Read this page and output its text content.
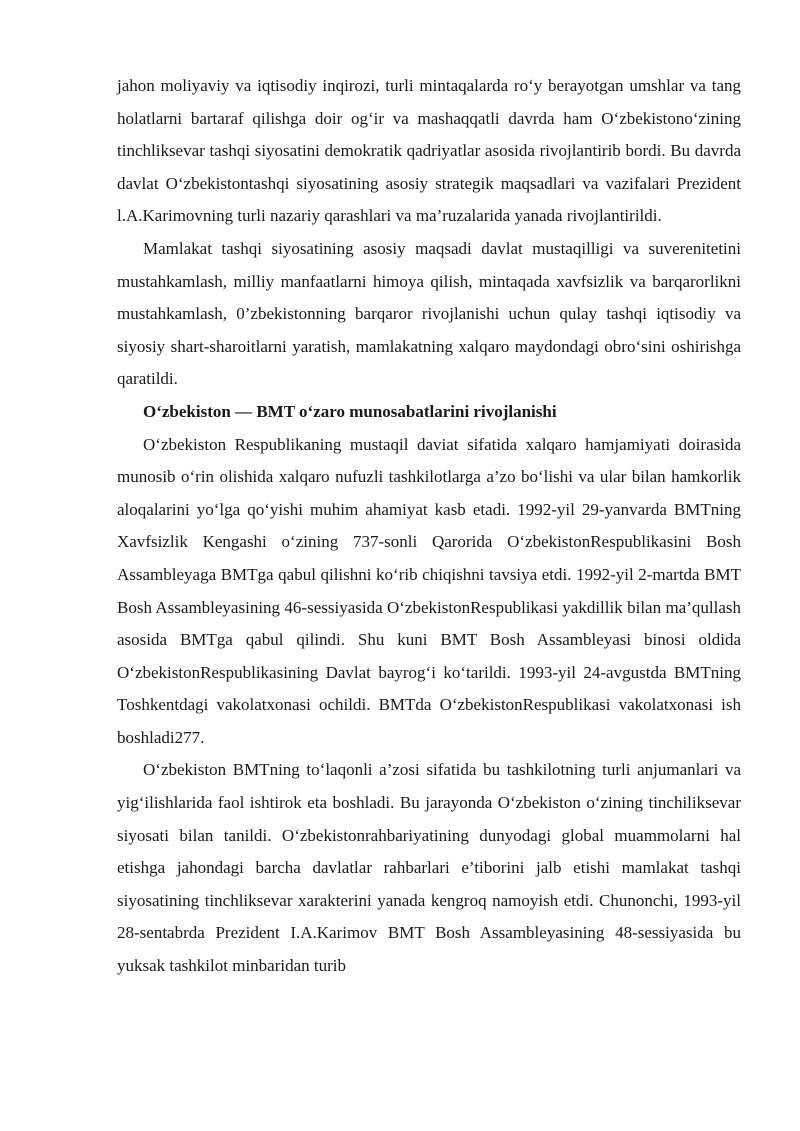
jahon moliyaviy va iqtisodiy inqirozi, turli mintaqalarda ro‘y berayotgan umshlar va tang holatlarni bartaraf qilishga doir og‘ir va mashaqqatli davrda ham O‘zbekistono‘zining tinchliksevar tashqi siyosatini demokratik qadriyatlar asosida rivojlantirib bordi. Bu davrda davlat O‘zbekistontashqi siyosatining asosiy strategik maqsadlari va vazifalari Prezident l.A.Karimovning turli nazariy qarashlari va ma’ruzalarida yanada rivojlantirildi.

Mamlakat tashqi siyosatining asosiy maqsadi davlat mustaqilligi va suverenitetini mustahkamlash, milliy manfaatlarni himoya qilish, mintaqada xavfsizlik va barqarorlikni mustahkamlash, 0’zbekistonning barqaror rivojlanishi uchun qulay tashqi iqtisodiy va siyosiy shart-sharoitlarni yaratish, mamlakatning xalqaro maydondagi obro‘sini oshirishga qaratildi.

O‘zbekiston — BMT o‘zaro munosabatlarini rivojlanishi

O‘zbekiston Respublikaning mustaqil daviat sifatida xalqaro hamjamiyati doirasida munosib o‘rin olishida xalqaro nufuzli tashkilotlarga a’zo bo‘lishi va ular bilan hamkorlik aloqalarini yo‘lga qo‘yishi muhim ahamiyat kasb etadi. 1992-yil 29-yanvarda BMTning Xavfsizlik Kengashi o‘zining 737-sonli Qarorida O‘zbekistonRespublikasini Bosh Assambleyaga BMTga qabul qilishni ko‘rib chiqishni tavsiya etdi. 1992-yil 2-martda BMT Bosh Assambleyasining 46-sessiyasida O‘zbekistonRespublikasi yakdillik bilan ma’qullash asosida BMTga qabul qilindi. Shu kuni BMT Bosh Assambleyasi binosi oldida O‘zbekistonRespublikasining Davlat bayrog‘i ko‘tarildi. 1993-yil 24-avgustda BMTning Toshkentdagi vakolatxonasi ochildi. BMTda O‘zbekistonRespublikasi vakolatxonasi ish boshladi277.

O‘zbekiston BMTning to‘laqonli a’zosi sifatida bu tashkilotning turli anjumanlari va yig‘ilishlarida faol ishtirok eta boshladi. Bu jarayonda O‘zbekiston o‘zining tinchiliksevar siyosati bilan tanildi. O‘zbekistonrahbariyatining dunyodagi global muammolarni hal etishga jahondagi barcha davlatlar rahbarlari e’tiborini jalb etishi mamlakat tashqi siyosatining tinchliksevar xarakterini yanada kengroq namoyish etdi. Chunonchi, 1993-yil 28-sentabrda Prezident I.A.Karimov BMT Bosh Assambleyasining 48-sessiyasida bu yuksak tashkilot minbaridan turib
